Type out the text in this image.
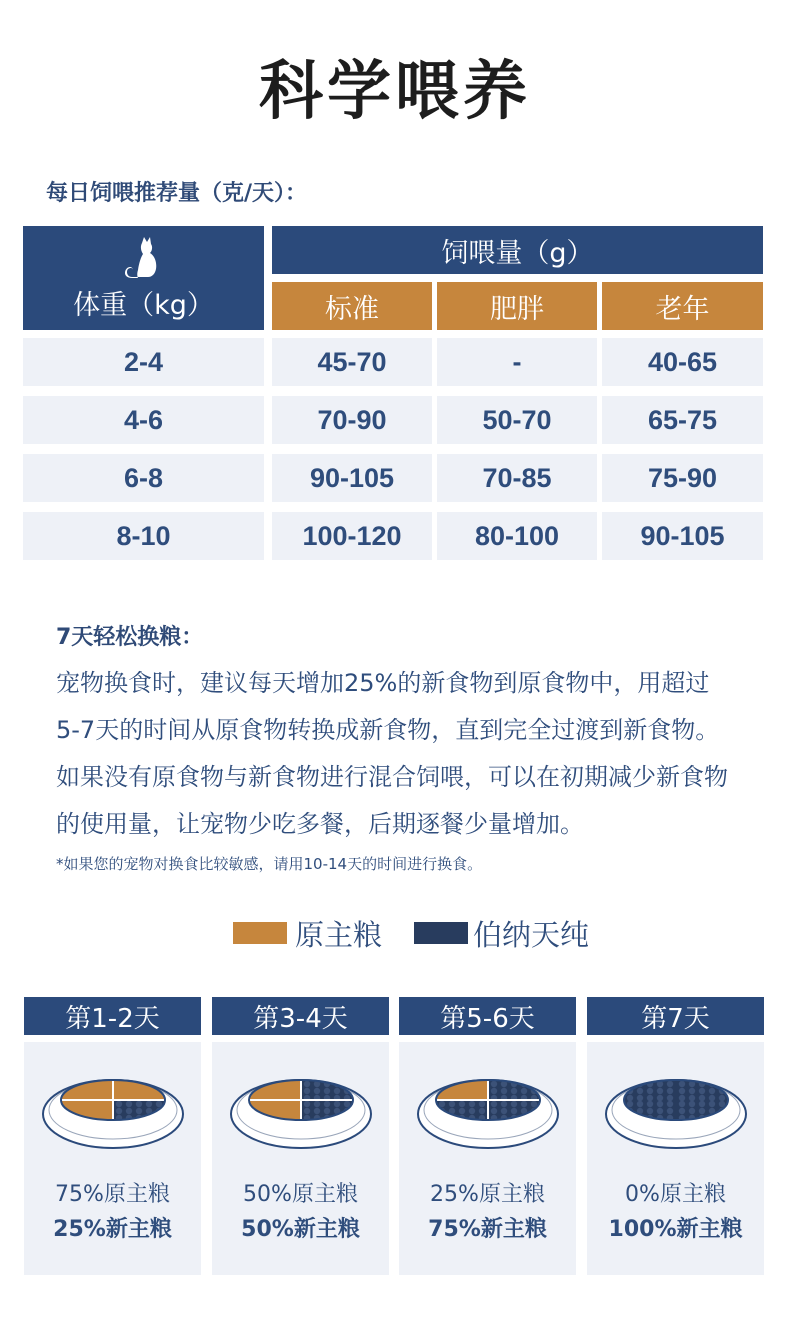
科学喂养
每日饲喂推荐量（克/天）：
体重（kg）
饲喂量（g）
标准	肥胖	老年
2-4	45-70	-	40-65
4-6	70-90	50-70	65-75
6-8	90-105	70-85	75-90
8-10	100-120	80-100	90-105
7天轻松换粮：
宠物换食时，建议每天增加25%的新食物到原食物中，用超过
5-7天的时间从原食物转换成新食物，直到完全过渡到新食物。
如果没有原食物与新食物进行混合饲喂，可以在初期减少新食物
的使用量，让宠物少吃多餐，后期逐餐少量增加。
*如果您的宠物对换食比较敏感，请用10-14天的时间进行换食。
原主粮	伯纳天纯
第1-2天	第3-4天	第5-6天	第7天
75%原主粮
25%新主粮
50%原主粮
50%新主粮
25%原主粮
75%新主粮
0%原主粮
100%新主粮
